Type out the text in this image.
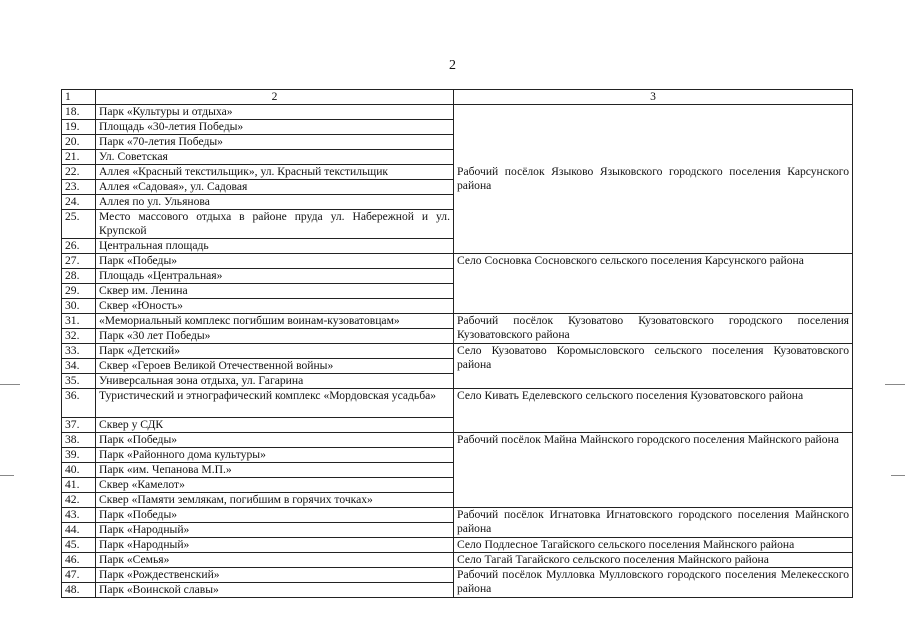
2
1	2	3
18.	Парк «Культуры и отдыха»	Рабочий посёлок Языково Языковского городского поселения Карсунского района
19.	Площадь «30-летия Победы»	
20.	Парк «70-летия Победы»	
21.	Ул. Советская	
22.	Аллея «Красный текстильщик», ул. Красный текстильщик	
23.	Аллея «Садовая», ул. Садовая	
24.	Аллея по ул. Ульянова	
25.	Место массового отдыха в районе пруда ул. Набережной и ул. Крупской	
26.	Центральная площадь	
27.	Парк «Победы»	Село Сосновка Сосновского сельского поселения Карсунского района
28.	Площадь «Центральная»	
29.	Сквер им. Ленина	
30.	Сквер «Юность»	
31.	«Мемориальный комплекс погибшим воинам-кузоватовцам»	Рабочий посёлок Кузоватово Кузоватовского городского поселения Кузоватовского района
32.	Парк «30 лет Победы»	
33.	Парк «Детский»	Село Кузоватово Коромысловского сельского поселения Кузоватовского района
34.	Сквер «Героев Великой Отечественной войны»	
35.	Универсальная зона отдыха, ул. Гагарина	
36.	Туристический и этнографический комплекс «Мордовская усадьба»	Село Кивать Еделевского сельского поселения Кузоватовского района
37.	Сквер у СДК	
38.	Парк «Победы»	Рабочий посёлок Майна Майнского городского поселения Майнского района
39.	Парк «Районного дома культуры»	
40.	Парк «им. Чепанова М.П.»	
41.	Сквер «Камелот»	
42.	Сквер «Памяти землякам, погибшим в горячих точках»	
43.	Парк «Победы»	Рабочий посёлок Игнатовка Игнатовского городского поселения Майнского района
44.	Парк «Народный»	
45.	Парк «Народный»	Село Подлесное Тагайского сельского поселения Майнского района
46.	Парк «Семья»	Село Тагай Тагайского сельского поселения Майнского района
47.	Парк «Рождественский»	Рабочий посёлок Мулловка Мулловского городского поселения Мелекесского района
48.	Парк «Воинской славы»	
